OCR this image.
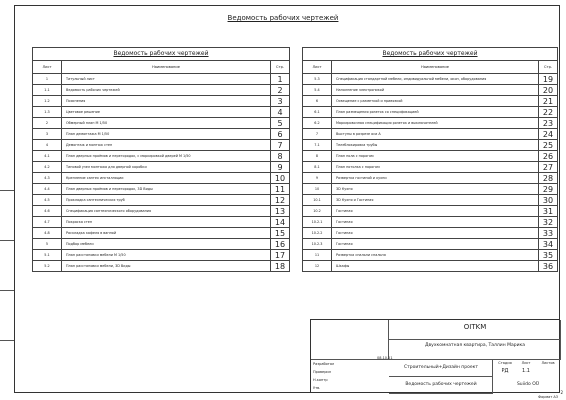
Ведомость рабочих чертежей
Ведомость рабочих чертежей
Лист	Наименование	Стр.
1	Титульный лист	1
1.1	Ведомость рабочих чертежей	2
1.2	Пояснения	3
1.3	Цветовое решение	4
2	Обмерный план М 1/50	5
3	План демонтажа М 1/50	6
4	Демонтаж и монтаж стен	7
4.1	План дверных проёмов и перегородок, с маркировкой дверей М 1/50	8
4.2	Типовой узел монтажа для дверной коробки	9
4.3	Крепление сантех инсталляции	10
4.4	План дверных проёмов и перегородок, 3D Виды	11
4.5	Прокладка сантехнических труб	12
4.6	Спецификация сантехнического оборудования	13
4.7	Покраска стен	14
4.8	Раскладка кафеля в ванной	15
5	Подбор мебели	16
5.1	План расстановки мебели М 1/50	17
5.2	План расстановки мебели, 3D Виды	18
Ведомость рабочих чертежей
Лист	Наименование	Стр.
5.3	Спецификация стандартной мебели, индивидуальной мебели, окон, оборудования	19
5.4	Наполнение электроникой	20
6	Освещение с разметкой и привязкой	21
6.1	План размещения розеток со спецификацией	22
6.2	Маркировочная спецификация розеток и выключателей	23
7	Выступы в разрезе оси А	24
7.1	Телеблокировка трубы	25
8	План пола с порогом	26
8.1	План потолка с порогом	27
9	Развертка гостиной и кухни	28
10	3D Кухня	29
10.1	3D Кухня и Гостиная	30
10.2	Гостиная	31
10.2.1	Гостиная	32
10.2.2	Гостиная	33
10.2.3	Гостиная	34
11	Развертка спальни спальня	35
12	Шкафы	36
OITKM
Двухкомнатная квартира, Таллин Марика
Разработал
Проверил
Н.контр
Утв.
08.10.21
Строительный+Дизайн проект
Ведомость рабочих чертежей
Стадия	Лист	Листов
РД	1.1
Suiido OÜ
Формат A3
2
